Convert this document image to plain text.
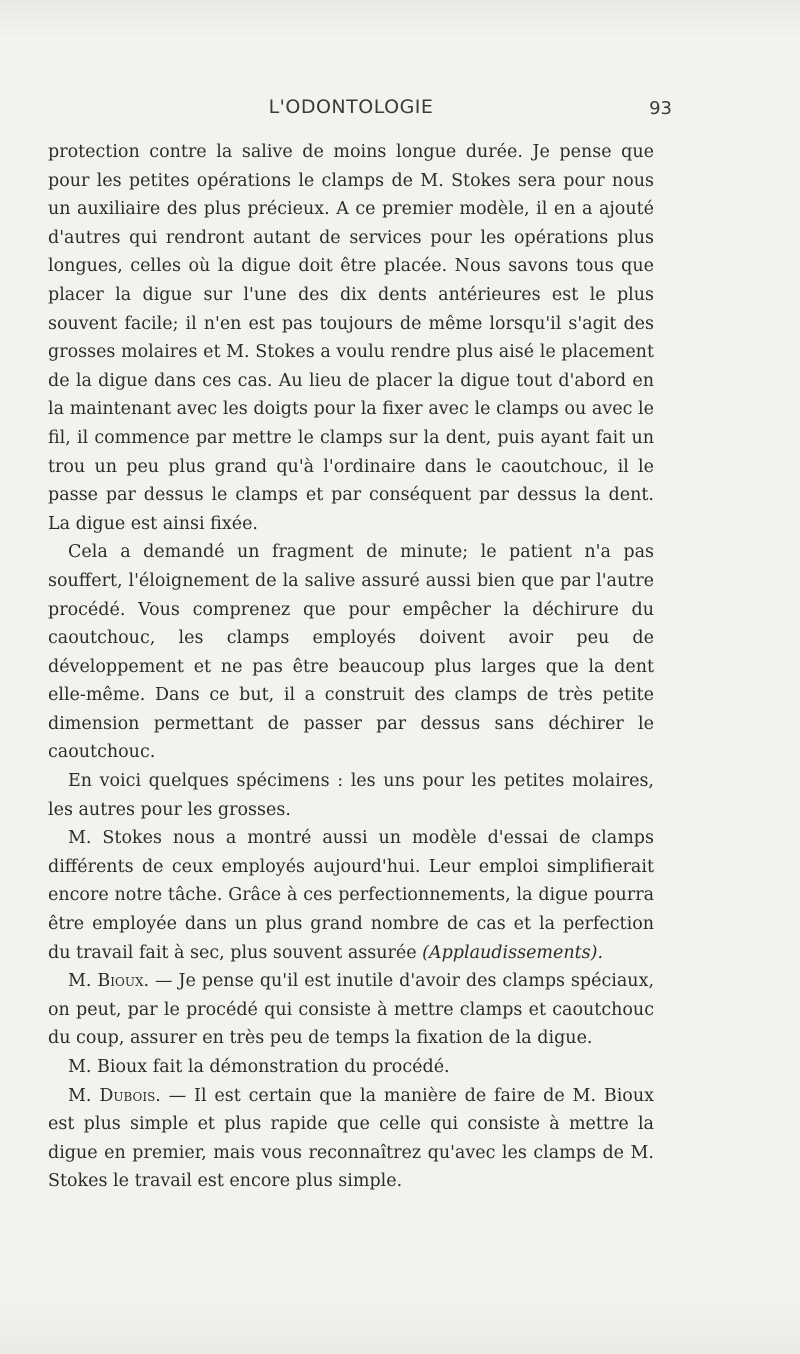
L'ODONTOLOGIE	93

protection contre la salive de moins longue durée. Je pense que pour les petites opérations le clamps de M. Stokes sera pour nous un auxiliaire des plus précieux. A ce premier modèle, il en a ajouté d'autres qui rendront autant de services pour les opérations plus longues, celles où la digue doit être placée. Nous savons tous que placer la digue sur l'une des dix dents antérieures est le plus souvent facile; il n'en est pas toujours de même lorsqu'il s'agit des grosses molaires et M. Stokes a voulu rendre plus aisé le placement de la digue dans ces cas. Au lieu de placer la digue tout d'abord en la maintenant avec les doigts pour la fixer avec le clamps ou avec le fil, il commence par mettre le clamps sur la dent, puis ayant fait un trou un peu plus grand qu'à l'ordinaire dans le caoutchouc, il le passe par dessus le clamps et par conséquent par dessus la dent. La digue est ainsi fixée.

Cela a demandé un fragment de minute; le patient n'a pas souffert, l'éloignement de la salive assuré aussi bien que par l'autre procédé. Vous comprenez que pour empêcher la déchirure du caoutchouc, les clamps employés doivent avoir peu de développement et ne pas être beaucoup plus larges que la dent elle-même. Dans ce but, il a construit des clamps de très petite dimension permettant de passer par dessus sans déchirer le caoutchouc.

En voici quelques spécimens : les uns pour les petites molaires, les autres pour les grosses.

M. Stokes nous a montré aussi un modèle d'essai de clamps différents de ceux employés aujourd'hui. Leur emploi simplifierait encore notre tâche. Grâce à ces perfectionnements, la digue pourra être employée dans un plus grand nombre de cas et la perfection du travail fait à sec, plus souvent assurée (Applaudissements).

M. Bioux. — Je pense qu'il est inutile d'avoir des clamps spéciaux, on peut, par le procédé qui consiste à mettre clamps et caoutchouc du coup, assurer en très peu de temps la fixation de la digue.

M. Bioux fait la démonstration du procédé.

M. Dubois. — Il est certain que la manière de faire de M. Bioux est plus simple et plus rapide que celle qui consiste à mettre la digue en premier, mais vous reconnaîtrez qu'avec les clamps de M. Stokes le travail est encore plus simple.
